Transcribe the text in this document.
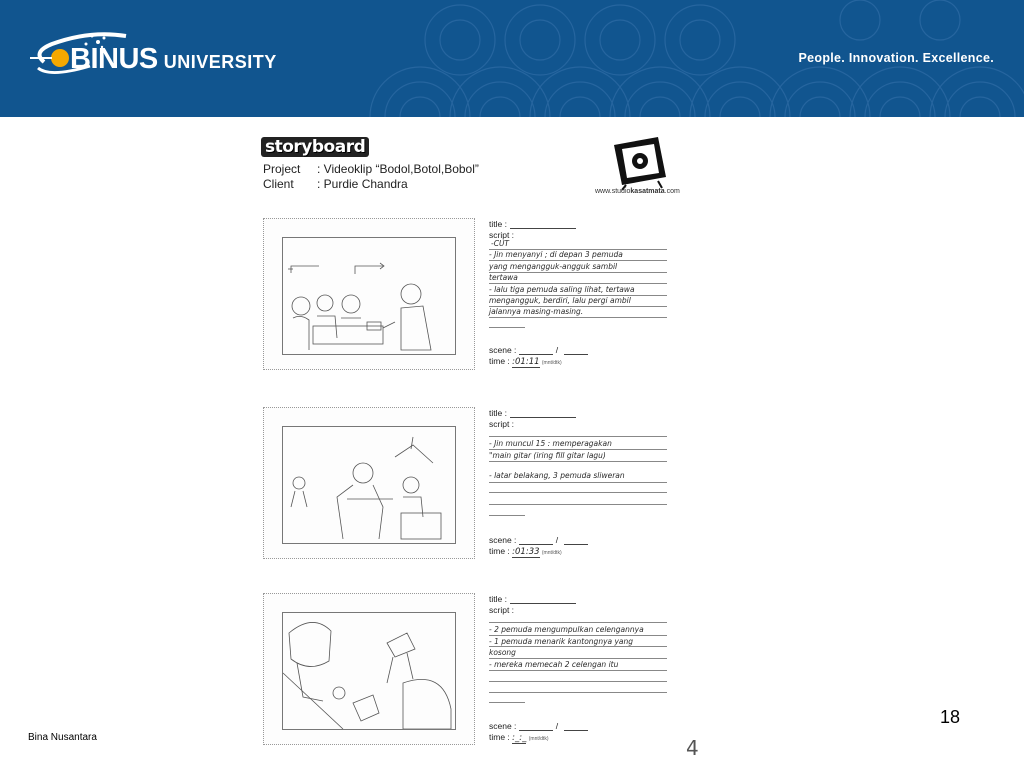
BINUS UNIVERSITY	People. Innovation. Excellence.
storyboard
Project : Videoklip “Bodol,Botol,Bobol”
Client : Purdie Chandra
www.studiokasatmata.com
title :
script :
-CUT
- Jin menyanyi ; di depan 3 pemuda
yang mengangguk-angguk sambil
tertawa
- lalu tiga pemuda saling lihat, tertawa
mengangguk, berdiri, lalu pergi ambil
jalannya masing-masing.
scene :	/
time : :01:11 (mnt/dtk)
title :
script :
- Jin muncul 15 : memperagakan
"main gitar (iring fill gitar lagu)
- latar belakang, 3 pemuda sliweran
scene :	/
time : :01:33 (mnt/dtk)
title :
script :
- 2 pemuda mengumpulkan celengannya
- 1 pemuda menarik kantongnya yang
kosong
- mereka memecah 2 celengan itu
scene :	/
time : :_:_ (mnt/dtk)
18
Bina Nusantara	4
